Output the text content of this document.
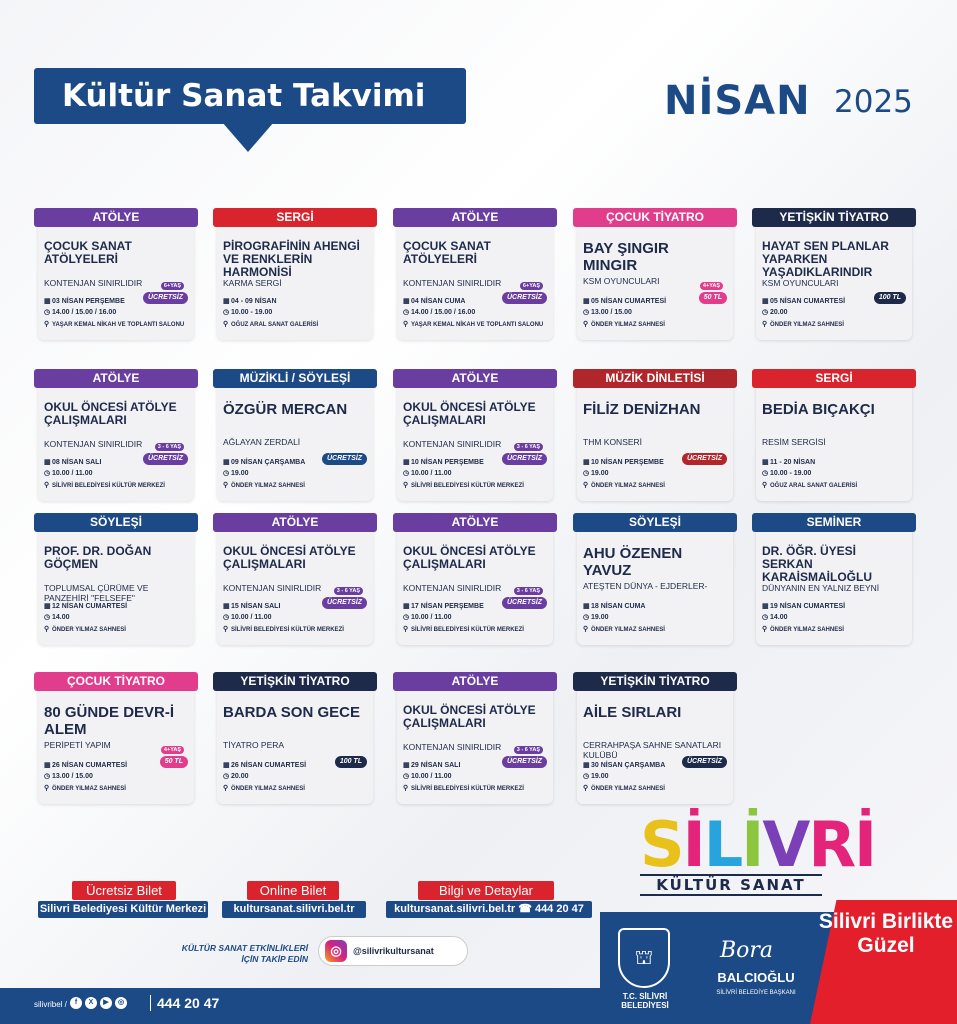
Kültür Sanat Takvimi	NİSAN 2025
ATÖLYE
ÇOCUK SANAT ATÖLYELERİ
KONTENJAN SINIRLIDIR
▦03 NİSAN PERŞEMBE
◷ 14.00 / 15.00 / 16.00
⚲ YAŞAR KEMAL NİKAH VE TOPLANTI SALONU
6+YAŞ
ÜCRETSİZ
SERGİ
PİROGRAFİNİN AHENGİ VE RENKLERİN HARMONİSİ
KARMA SERGİ
▦04 - 09 NİSAN
◷ 10.00 - 19.00
⚲ OĞUZ ARAL SANAT GALERİSİ
ATÖLYE
ÇOCUK SANAT ATÖLYELERİ
KONTENJAN SINIRLIDIR
▦04 NİSAN CUMA
◷ 14.00 / 15.00 / 16.00
⚲ YAŞAR KEMAL NİKAH VE TOPLANTI SALONU
6+YAŞ
ÜCRETSİZ
ÇOCUK TİYATRO
BAY ŞINGIR MINGIR
KSM OYUNCULARI
▦05 NİSAN CUMARTESİ
◷ 13.00 / 15.00
⚲ ÖNDER YILMAZ SAHNESİ
4+YAŞ
50 TL
YETİŞKİN TİYATRO
HAYAT SEN PLANLAR YAPARKEN YAŞADIKLARINDIR
KSM OYUNCULARI
▦05 NİSAN CUMARTESİ
◷ 20.00
⚲ ÖNDER YILMAZ SAHNESİ
100 TL
ATÖLYE
OKUL ÖNCESİ ATÖLYE ÇALIŞMALARI
KONTENJAN SINIRLIDIR
▦08 NİSAN SALI
◷ 10.00 / 11.00
⚲ SİLİVRİ BELEDİYESİ KÜLTÜR MERKEZİ
3 - 6 YAŞ
ÜCRETSİZ
MÜZİKLİ / SÖYLEŞİ
ÖZGÜR MERCAN
AĞLAYAN ZERDALİ
▦09 NİSAN ÇARŞAMBA
◷ 19.00
⚲ ÖNDER YILMAZ SAHNESİ
ÜCRETSİZ
ATÖLYE
OKUL ÖNCESİ ATÖLYE ÇALIŞMALARI
KONTENJAN SINIRLIDIR
▦10 NİSAN PERŞEMBE
◷ 10.00 / 11.00
⚲ SİLİVRİ BELEDİYESİ KÜLTÜR MERKEZİ
3 - 6 YAŞ
ÜCRETSİZ
MÜZİK DİNLETİSİ
FİLİZ DENİZHAN
THM KONSERİ
▦10 NİSAN PERŞEMBE
◷ 19.00
⚲ ÖNDER YILMAZ SAHNESİ
ÜCRETSİZ
SERGİ
BEDİA BIÇAKÇI
RESİM SERGİSİ
▦11 - 20 NİSAN
◷ 10.00 - 19.00
⚲ OĞUZ ARAL SANAT GALERİSİ
SÖYLEŞİ
PROF. DR. DOĞAN GÖÇMEN
TOPLUMSAL ÇÜRÜME VE PANZEHİRİ "FELSEFE"
▦12 NİSAN CUMARTESİ
◷ 14.00
⚲ ÖNDER YILMAZ SAHNESİ
ATÖLYE
OKUL ÖNCESİ ATÖLYE ÇALIŞMALARI
KONTENJAN SINIRLIDIR
▦15 NİSAN SALI
◷ 10.00 / 11.00
⚲ SİLİVRİ BELEDİYESİ KÜLTÜR MERKEZİ
3 - 6 YAŞ
ÜCRETSİZ
ATÖLYE
OKUL ÖNCESİ ATÖLYE ÇALIŞMALARI
KONTENJAN SINIRLIDIR
▦17 NİSAN PERŞEMBE
◷ 10.00 / 11.00
⚲ SİLİVRİ BELEDİYESİ KÜLTÜR MERKEZİ
3 - 6 YAŞ
ÜCRETSİZ
SÖYLEŞİ
AHU ÖZENEN YAVUZ
ATEŞTEN DÜNYA - EJDERLER-
▦18 NİSAN CUMA
◷ 19.00
⚲ ÖNDER YILMAZ SAHNESİ
SEMİNER
DR. ÖĞR. ÜYESİ SERKAN KARAİSMAİLOĞLU
DÜNYANIN EN YALNIZ BEYNİ
▦19 NİSAN CUMARTESİ
◷ 14.00
⚲ ÖNDER YILMAZ SAHNESİ
ÇOCUK TİYATRO
80 GÜNDE DEVR-İ ALEM
PERİPETİ YAPIM
▦26 NİSAN CUMARTESİ
◷ 13.00 / 15.00
⚲ ÖNDER YILMAZ SAHNESİ
4+YAŞ
50 TL
YETİŞKİN TİYATRO
BARDA SON GECE
TİYATRO PERA
▦26 NİSAN CUMARTESİ
◷ 20.00
⚲ ÖNDER YILMAZ SAHNESİ
100 TL
ATÖLYE
OKUL ÖNCESİ ATÖLYE ÇALIŞMALARI
KONTENJAN SINIRLIDIR
▦29 NİSAN SALI
◷ 10.00 / 11.00
⚲ SİLİVRİ BELEDİYESİ KÜLTÜR MERKEZİ
3 - 6 YAŞ
ÜCRETSİZ
YETİŞKİN TİYATRO
AİLE SIRLARI
CERRAHPAŞA SAHNE SANATLARI KULÜBÜ
▦30 NİSAN ÇARŞAMBA
◷ 19.00
⚲ ÖNDER YILMAZ SAHNESİ
ÜCRETSİZ
Ücretsiz Bilet
Silivri Belediyesi Kültür Merkezi
Online Bilet
kultursanat.silivri.bel.tr
Bilgi ve Detaylar
kultursanat.silivri.bel.tr ☎ 444 20 47
KÜLTÜR SANAT ETKİNLİKLERİ İÇİN TAKİP EDİN
◎	@silivrikultursanat
SİLİVRİ
KÜLTÜR SANAT
silivribel /	f	X	▶	◎	444 20 47
⛫
T.C. SİLİVRİ BELEDİYESİ
Bora
BALCIOĞLU
SİLİVRİ BELEDİYE BAŞKANI
Silivri Birlikte Güzel
